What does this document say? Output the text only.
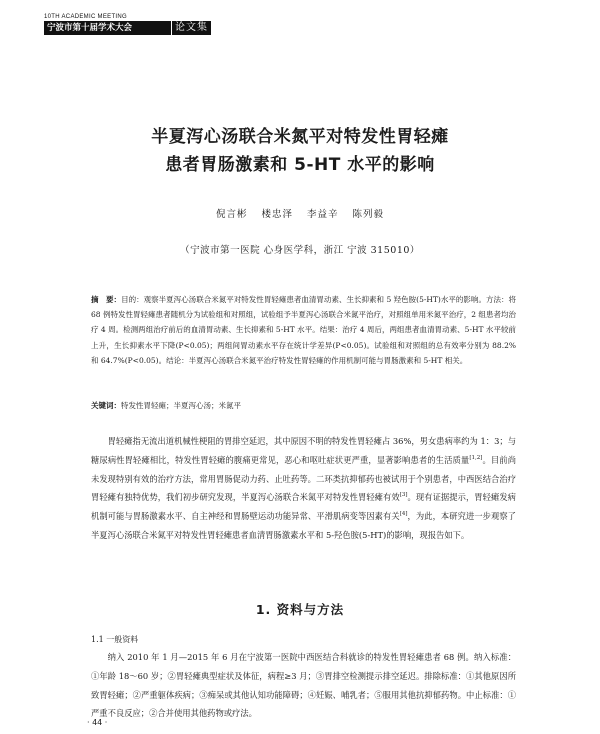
10TH ACADEMIC MEETING
宁波市第十届学术大会	论文集
半夏泻心汤联合米氮平对特发性胃轻瘫
患者胃肠激素和 5-HT 水平的影响
倪言彬 楼忠泽 李益辛 陈列毅
（宁波市第一医院 心身医学科，浙江 宁波 315010）
摘　要：目的：观察半夏泻心汤联合米氮平对特发性胃轻瘫患者血清胃动素、生长抑素和 5 羟色胺(5-HT)水平的影响。方法：将 68 例特发性胃轻瘫患者随机分为试验组和对照组，试验组予半夏泻心汤联合米氮平治疗，对照组单用米氮平治疗，2 组患者均治疗 4 周。检测两组治疗前后的血清胃动素、生长抑素和 5-HT 水平。结果：治疗 4 周后，两组患者血清胃动素、5-HT 水平较前上升，生长抑素水平下降(P<0.05)；两组间胃动素水平存在统计学差异(P<0.05)。试验组和对照组的总有效率分别为 88.2% 和 64.7%(P<0.05)。结论：半夏泻心汤联合米氮平治疗特发性胃轻瘫的作用机制可能与胃肠激素和 5-HT 相关。
关键词：特发性胃轻瘫；半夏泻心汤；米氮平
胃轻瘫指无流出道机械性梗阻的胃排空延迟，其中原因不明的特发性胃轻瘫占 36%，男女患病率约为 1：3；与糖尿病性胃轻瘫相比，特发性胃轻瘫的腹痛更常见，恶心和呕吐症状更严重，显著影响患者的生活质量[1,2]。目前尚未发现特别有效的治疗方法，常用胃肠促动力药、止吐药等。二环类抗抑郁药也被试用于个别患者，中西医结合治疗胃轻瘫有独特优势，我们初步研究发现，半夏泻心汤联合米氮平对特发性胃轻瘫有效[3]。现有证据提示，胃轻瘫发病机制可能与胃肠激素水平、自主神经和胃肠壁运动功能异常、平滑肌病变等因素有关[4]，为此，本研究进一步观察了半夏泻心汤联合米氮平对特发性胃轻瘫患者血清胃肠激素水平和 5-羟色胺(5-HT)的影响，现报告如下。
1. 资料与方法
1.1 一般资料
纳入 2010 年 1 月—2015 年 6 月在宁波第一医院中西医结合科就诊的特发性胃轻瘫患者 68 例。纳入标准：①年龄 18～60 岁；②胃轻瘫典型症状及体征，病程≥3 月；③胃排空检测提示排空延迟。排除标准：①其他原因所致胃轻瘫；②严重躯体疾病；③痴呆或其他认知功能障碍；④妊娠、哺乳者；⑤服用其他抗抑郁药物。中止标准：①严重不良反应；②合并使用其他药物或疗法。
· 44 ·
